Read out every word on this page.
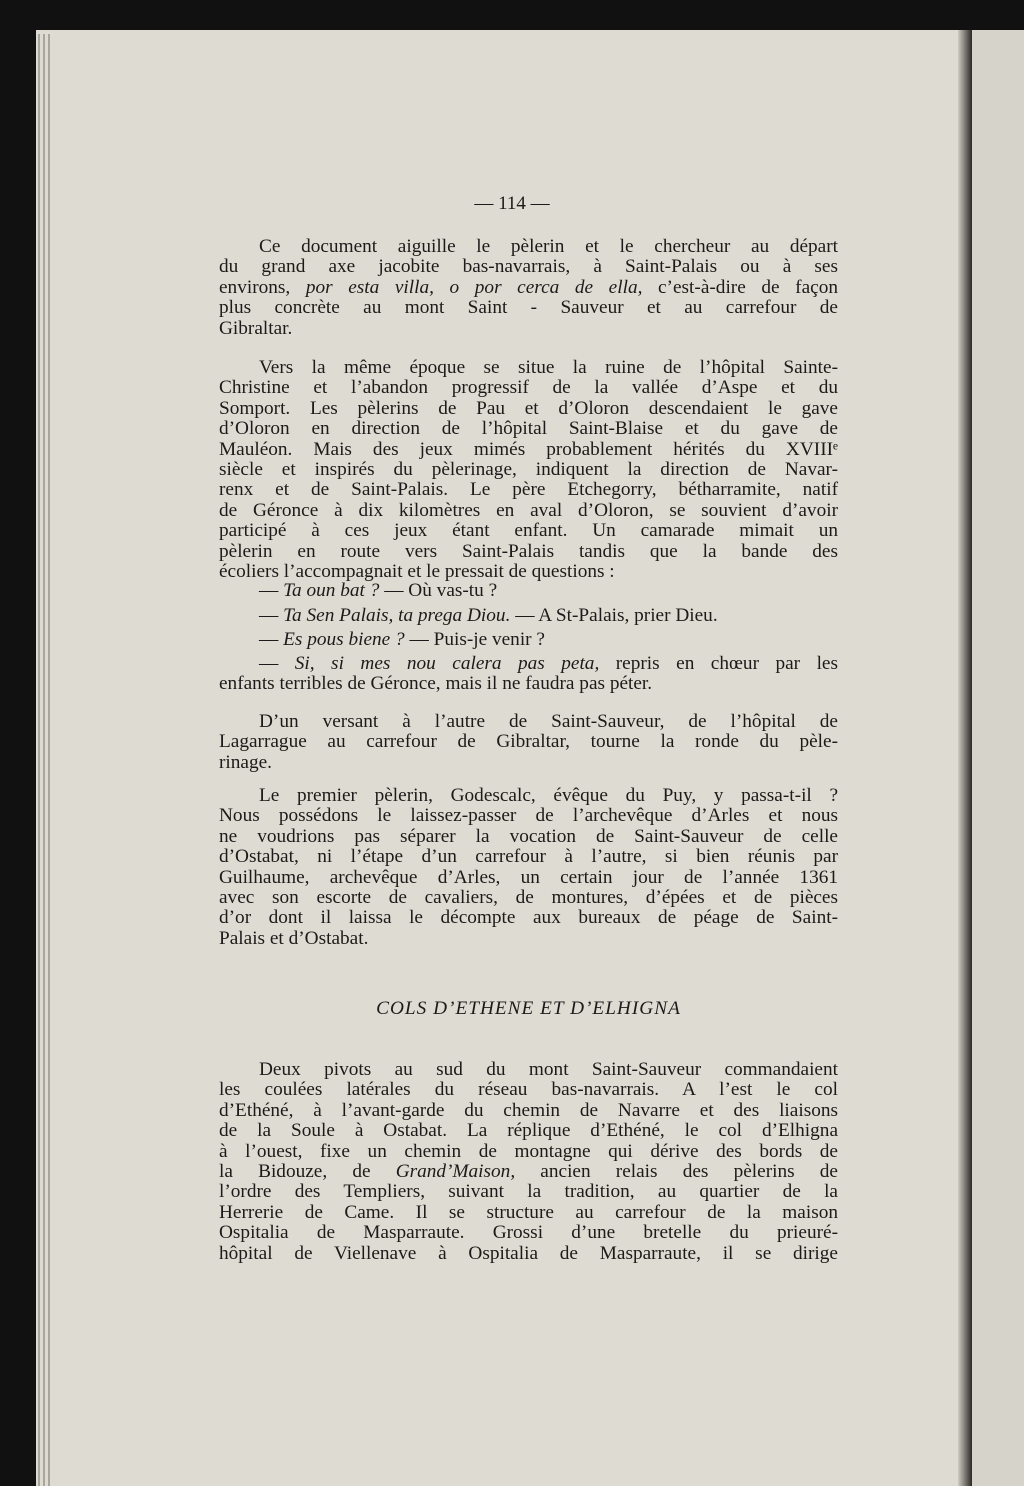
— 114 —
Ce document aiguille le pèlerin et le chercheur au départ
du grand axe jacobite bas-navarrais, à Saint-Palais ou à ses
environs, por esta villa, o por cerca de ella, c’est-à-dire de façon
plus concrète au mont Saint - Sauveur et au carrefour de
Gibraltar.
Vers la même époque se situe la ruine de l’hôpital Sainte-
Christine et l’abandon progressif de la vallée d’Aspe et du
Somport. Les pèlerins de Pau et d’Oloron descendaient le gave
d’Oloron en direction de l’hôpital Saint-Blaise et du gave de
Mauléon. Mais des jeux mimés probablement hérités du XVIIIᵉ
siècle et inspirés du pèlerinage, indiquent la direction de Navar-
renx et de Saint-Palais. Le père Etchegorry, bétharramite, natif
de Géronce à dix kilomètres en aval d’Oloron, se souvient d’avoir
participé à ces jeux étant enfant. Un camarade mimait un
pèlerin en route vers Saint-Palais tandis que la bande des
écoliers l’accompagnait et le pressait de questions :
— Ta oun bat ? — Où vas-tu ?
— Ta Sen Palais, ta prega Diou. — A St-Palais, prier Dieu.
— Es pous biene ? — Puis-je venir ?
— Si, si mes nou calera pas peta, repris en chœur par les
enfants terribles de Géronce, mais il ne faudra pas péter.
D’un versant à l’autre de Saint-Sauveur, de l’hôpital de
Lagarrague au carrefour de Gibraltar, tourne la ronde du pèle-
rinage.
Le premier pèlerin, Godescalc, évêque du Puy, y passa-t-il ?
Nous possédons le laissez-passer de l’archevêque d’Arles et nous
ne voudrions pas séparer la vocation de Saint-Sauveur de celle
d’Ostabat, ni l’étape d’un carrefour à l’autre, si bien réunis par
Guilhaume, archevêque d’Arles, un certain jour de l’année 1361
avec son escorte de cavaliers, de montures, d’épées et de pièces
d’or dont il laissa le décompte aux bureaux de péage de Saint-
Palais et d’Ostabat.
COLS D’ETHENE ET D’ELHIGNA
Deux pivots au sud du mont Saint-Sauveur commandaient
les coulées latérales du réseau bas-navarrais. A l’est le col
d’Ethéné, à l’avant-garde du chemin de Navarre et des liaisons
de la Soule à Ostabat. La réplique d’Ethéné, le col d’Elhigna
à l’ouest, fixe un chemin de montagne qui dérive des bords de
la Bidouze, de Grand’Maison, ancien relais des pèlerins de
l’ordre des Templiers, suivant la tradition, au quartier de la
Herrerie de Came. Il se structure au carrefour de la maison
Ospitalia de Masparraute. Grossi d’une bretelle du prieuré-
hôpital de Viellenave à Ospitalia de Masparraute, il se dirige
